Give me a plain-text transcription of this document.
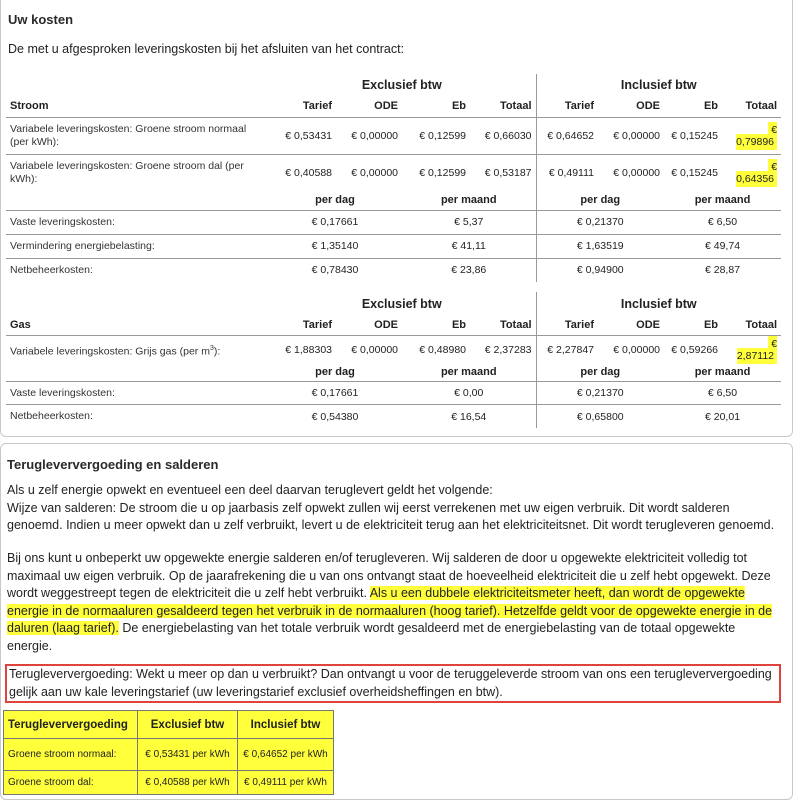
Uw kosten
De met u afgesproken leveringskosten bij het afsluiten van het contract:
	Exclusief btw				Inclusief btw			
Stroom	Tarief	ODE	Eb	Totaal	Tarief	ODE	Eb	Totaal
Variabele leveringskosten: Groene stroom normaal (per kWh):	€ 0,53431	€ 0,00000	€ 0,12599	€ 0,66030	€ 0,64652	€ 0,00000	€ 0,15245	€ 0,79896
Variabele leveringskosten: Groene stroom dal (per kWh):	€ 0,40588	€ 0,00000	€ 0,12599	€ 0,53187	€ 0,49111	€ 0,00000	€ 0,15245	€ 0,64356
	per dag		per maand		per dag		per maand	
Vaste leveringskosten:	€ 0,17661		€ 5,37		€ 0,21370		€ 6,50	
Vermindering energiebelasting:	€ 1,35140		€ 41,11		€ 1,63519		€ 49,74	
Netbeheerkosten:	€ 0,78430		€ 23,86		€ 0,94900		€ 28,87	
	Exclusief btw				Inclusief btw			
Gas	Tarief	ODE	Eb	Totaal	Tarief	ODE	Eb	Totaal
Variabele leveringskosten: Grijs gas (per $m^3$):	€ 1,88303	€ 0,00000	€ 0,48980	€ 2,37283	€ 2,27847	€ 0,00000	€ 0,59266	€ 2,87112
	per dag		per maand		per dag		per maand	
Vaste leveringskosten:	€ 0,17661		€ 0,00		€ 0,21370		€ 6,50	
Netbeheerkosten:	€ 0,54380		€ 16,54		€ 0,65800		€ 20,01	
Terugleververgoeding en salderen

Als u zelf energie opwekt en eventueel een deel daarvan teruglevert geldt het volgende:

Wijze van salderen: De stroom die u op jaarbasis zelf opwekt zullen wij eerst verrekenen met uw eigen verbruik. Dit wordt salderen genoemd. Indien u meer opwekt dan u zelf verbruikt, levert u de elektriciteit terug aan het elektriciteitsnet. Dit wordt terugleveren genoemd.

Bij ons kunt u onbeperkt uw opgewekte energie salderen en/of terugleveren. Wij salderen de door u opgewekte elektriciteit volledig tot maximaal uw eigen verbruik. Op de jaarafrekening die u van ons ontvangt staat de hoeveelheid elektriciteit die u zelf hebt opgewekt. Deze wordt weggestreept tegen de elektriciteit die u zelf hebt verbruikt. Als u een dubbele elektriciteitsmeter heeft, dan wordt de opgewekte energie in de normaaluren gesaldeerd tegen het verbruik in de normaaluren (hoog tarief). Hetzelfde geldt voor de opgewekte energie in de daluren (laag tarief). De energiebelasting van het totale verbruik wordt gesaldeerd met de energiebelasting van de totaal opgewekte energie.

Terugleververgoeding: Wekt u meer op dan u verbruikt? Dan ontvangt u voor de teruggeleverde stroom van ons een terugleververgoeding gelijk aan uw kale leveringstarief (uw leveringstarief exclusief overheidsheffingen en btw).
Terugleververgoeding	Exclusief btw	Inclusief btw
Groene stroom normaal:	€ 0,53431 per kWh	€ 0,64652 per kWh
Groene stroom dal:	€ 0,40588 per kWh	€ 0,49111 per kWh
